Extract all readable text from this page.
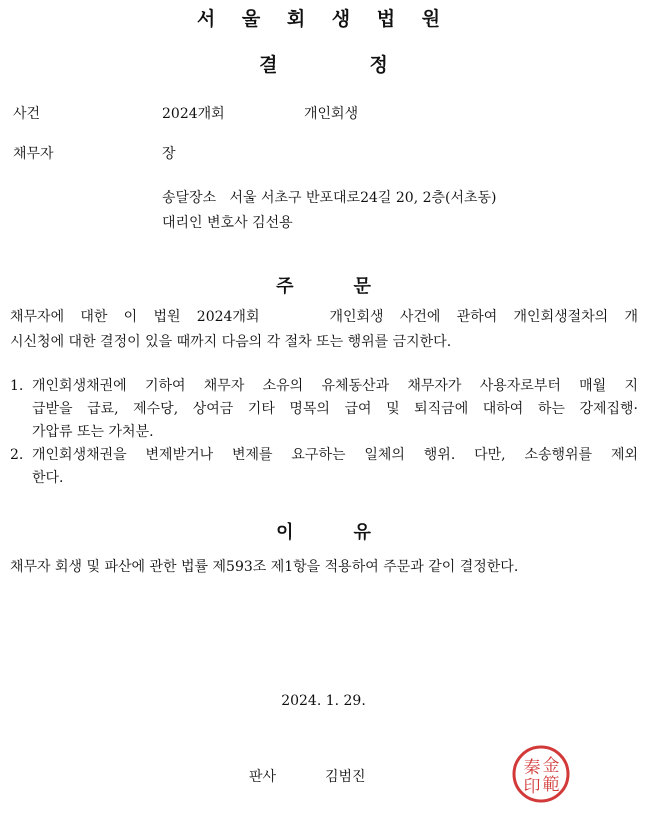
서 울 회 생 법 원
결	정
사건	2024개회	개인회생
채무자	장
송달장소 서울 서초구 반포대로24길 20, 2층(서초동)
대리인 변호사 김선용
주	문
채무자에 대한 이 법원 2024개회	개인회생 사건에 관하여 개인회생절차의 개
시신청에 대한 결정이 있을 때까지 다음의 각 절차 또는 행위를 금지한다.
1. 개인회생채권에 기하여 채무자 소유의 유체동산과 채무자가 사용자로부터 매월 지
급받을 급료, 제수당, 상여금 기타 명목의 급여 및 퇴직금에 대하여 하는 강제집행·
가압류 또는 가처분.
2. 개인회생채권을 변제받거나 변제를 요구하는 일체의 행위. 다만, 소송행위를 제외
한다.
이	유
채무자 회생 및 파산에 관한 법률 제593조 제1항을 적용하여 주문과 같이 결정한다.
2024. 1. 29.
판사	김범진
金
範
秦
印
